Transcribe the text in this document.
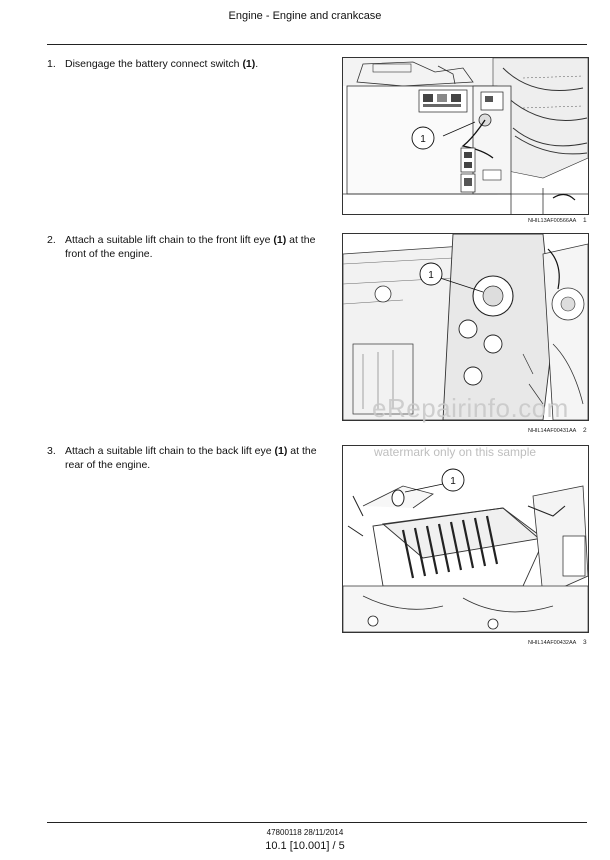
Engine - Engine and crankcase
1. Disengage the battery connect switch (1).
2. Attach a suitable lift chain to the front lift eye (1) at the front of the engine.
3. Attach a suitable lift chain to the back lift eye (1) at the rear of the engine.
1
NHIL13AF00566AA 1
1
NHIL14AF00431AA 2
1
NHIL14AF00432AA 3
eRepairinfo.com
watermark only on this sample
47800118 28/11/2014
10.1 [10.001] / 5
